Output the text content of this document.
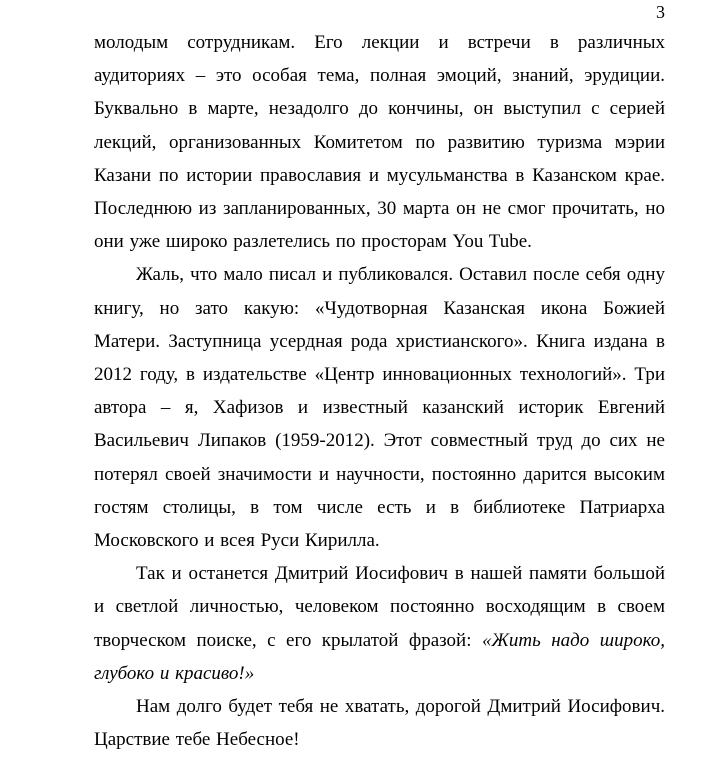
3

молодым сотрудникам. Его лекции и встречи в различных аудиториях – это особая тема, полная эмоций, знаний, эрудиции. Буквально в марте, незадолго до кончины, он выступил с серией лекций, организованных Комитетом по развитию туризма мэрии Казани по истории православия и мусульманства в Казанском крае. Последнюю из запланированных, 30 марта он не смог прочитать, но они уже широко разлетелись по просторам You Tube.

Жаль, что мало писал и публиковался. Оставил после себя одну книгу, но зато какую: «Чудотворная Казанская икона Божией Матери. Заступница усердная рода христианского». Книга издана в 2012 году, в издательстве «Центр инновационных технологий». Три автора – я, Хафизов и известный казанский историк Евгений Васильевич Липаков (1959-2012). Этот совместный труд до сих не потерял своей значимости и научности, постоянно дарится высоким гостям столицы, в том числе есть и в библиотеке Патриарха Московского и всея Руси Кирилла.

Так и останется Дмитрий Иосифович в нашей памяти большой и светлой личностью, человеком постоянно восходящим в своем творческом поиске, с его крылатой фразой: «Жить надо широко, глубоко и красиво!»

Нам долго будет тебя не хватать, дорогой Дмитрий Иосифович. Царствие тебе Небесное!
